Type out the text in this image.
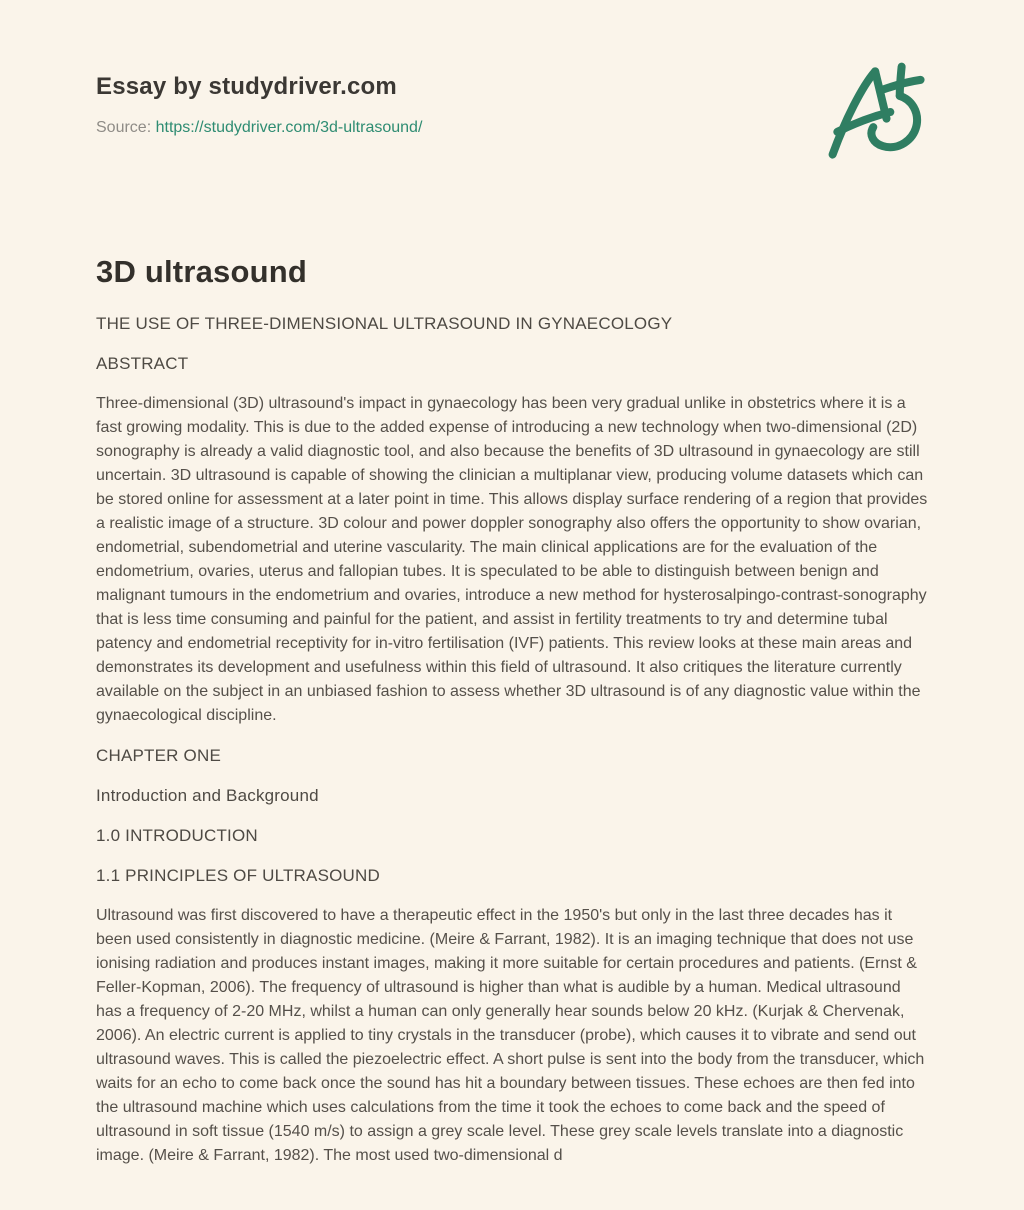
Essay by studydriver.com

Source: https://studydriver.com/3d-ultrasound/

3D ultrasound

THE USE OF THREE-DIMENSIONAL ULTRASOUND IN GYNAECOLOGY

ABSTRACT

Three-dimensional (3D) ultrasound's impact in gynaecology has been very gradual unlike in obstetrics where it is a fast growing modality. This is due to the added expense of introducing a new technology when two-dimensional (2D) sonography is already a valid diagnostic tool, and also because the benefits of 3D ultrasound in gynaecology are still uncertain. 3D ultrasound is capable of showing the clinician a multiplanar view, producing volume datasets which can be stored online for assessment at a later point in time. This allows display surface rendering of a region that provides a realistic image of a structure. 3D colour and power doppler sonography also offers the opportunity to show ovarian, endometrial, subendometrial and uterine vascularity. The main clinical applications are for the evaluation of the endometrium, ovaries, uterus and fallopian tubes. It is speculated to be able to distinguish between benign and malignant tumours in the endometrium and ovaries, introduce a new method for hysterosalpingo-contrast-sonography that is less time consuming and painful for the patient, and assist in fertility treatments to try and determine tubal patency and endometrial receptivity for in-vitro fertilisation (IVF) patients. This review looks at these main areas and demonstrates its development and usefulness within this field of ultrasound. It also critiques the literature currently available on the subject in an unbiased fashion to assess whether 3D ultrasound is of any diagnostic value within the gynaecological discipline.

CHAPTER ONE

Introduction and Background

1.0 INTRODUCTION

1.1 PRINCIPLES OF ULTRASOUND

Ultrasound was first discovered to have a therapeutic effect in the 1950's but only in the last three decades has it been used consistently in diagnostic medicine. (Meire & Farrant, 1982). It is an imaging technique that does not use ionising radiation and produces instant images, making it more suitable for certain procedures and patients. (Ernst & Feller-Kopman, 2006). The frequency of ultrasound is higher than what is audible by a human. Medical ultrasound has a frequency of 2-20 MHz, whilst a human can only generally hear sounds below 20 kHz. (Kurjak & Chervenak, 2006). An electric current is applied to tiny crystals in the transducer (probe), which causes it to vibrate and send out ultrasound waves. This is called the piezoelectric effect. A short pulse is sent into the body from the transducer, which waits for an echo to come back once the sound has hit a boundary between tissues. These echoes are then fed into the ultrasound machine which uses calculations from the time it took the echoes to come back and the speed of ultrasound in soft tissue (1540 m/s) to assign a grey scale level. These grey scale levels translate into a diagnostic image. (Meire & Farrant, 1982). The most used two-dimensional d
